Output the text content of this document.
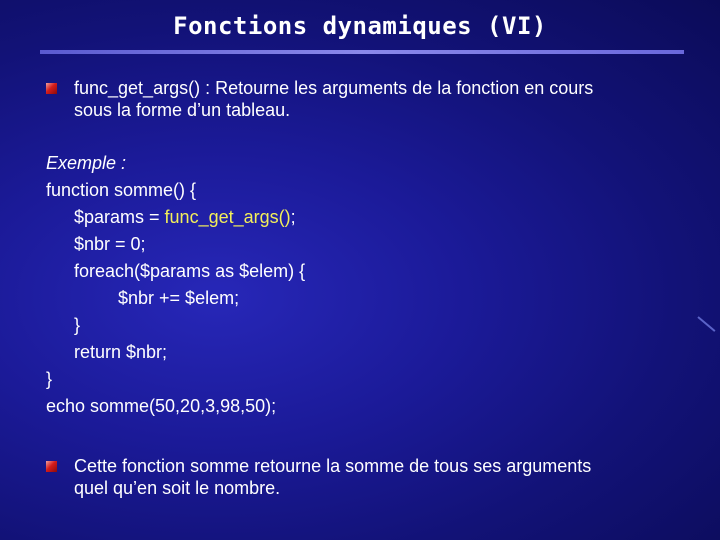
Fonctions dynamiques (VI)
func_get_args() : Retourne les arguments de la fonction en cours
sous la forme d’un tableau.
Exemple :
function somme() {
$params = func_get_args();
$nbr = 0;
foreach($params as $elem) {
$nbr += $elem;
}
return $nbr;
}
echo somme(50,20,3,98,50);
Cette fonction somme retourne la somme de tous ses arguments
quel qu’en soit le nombre.
